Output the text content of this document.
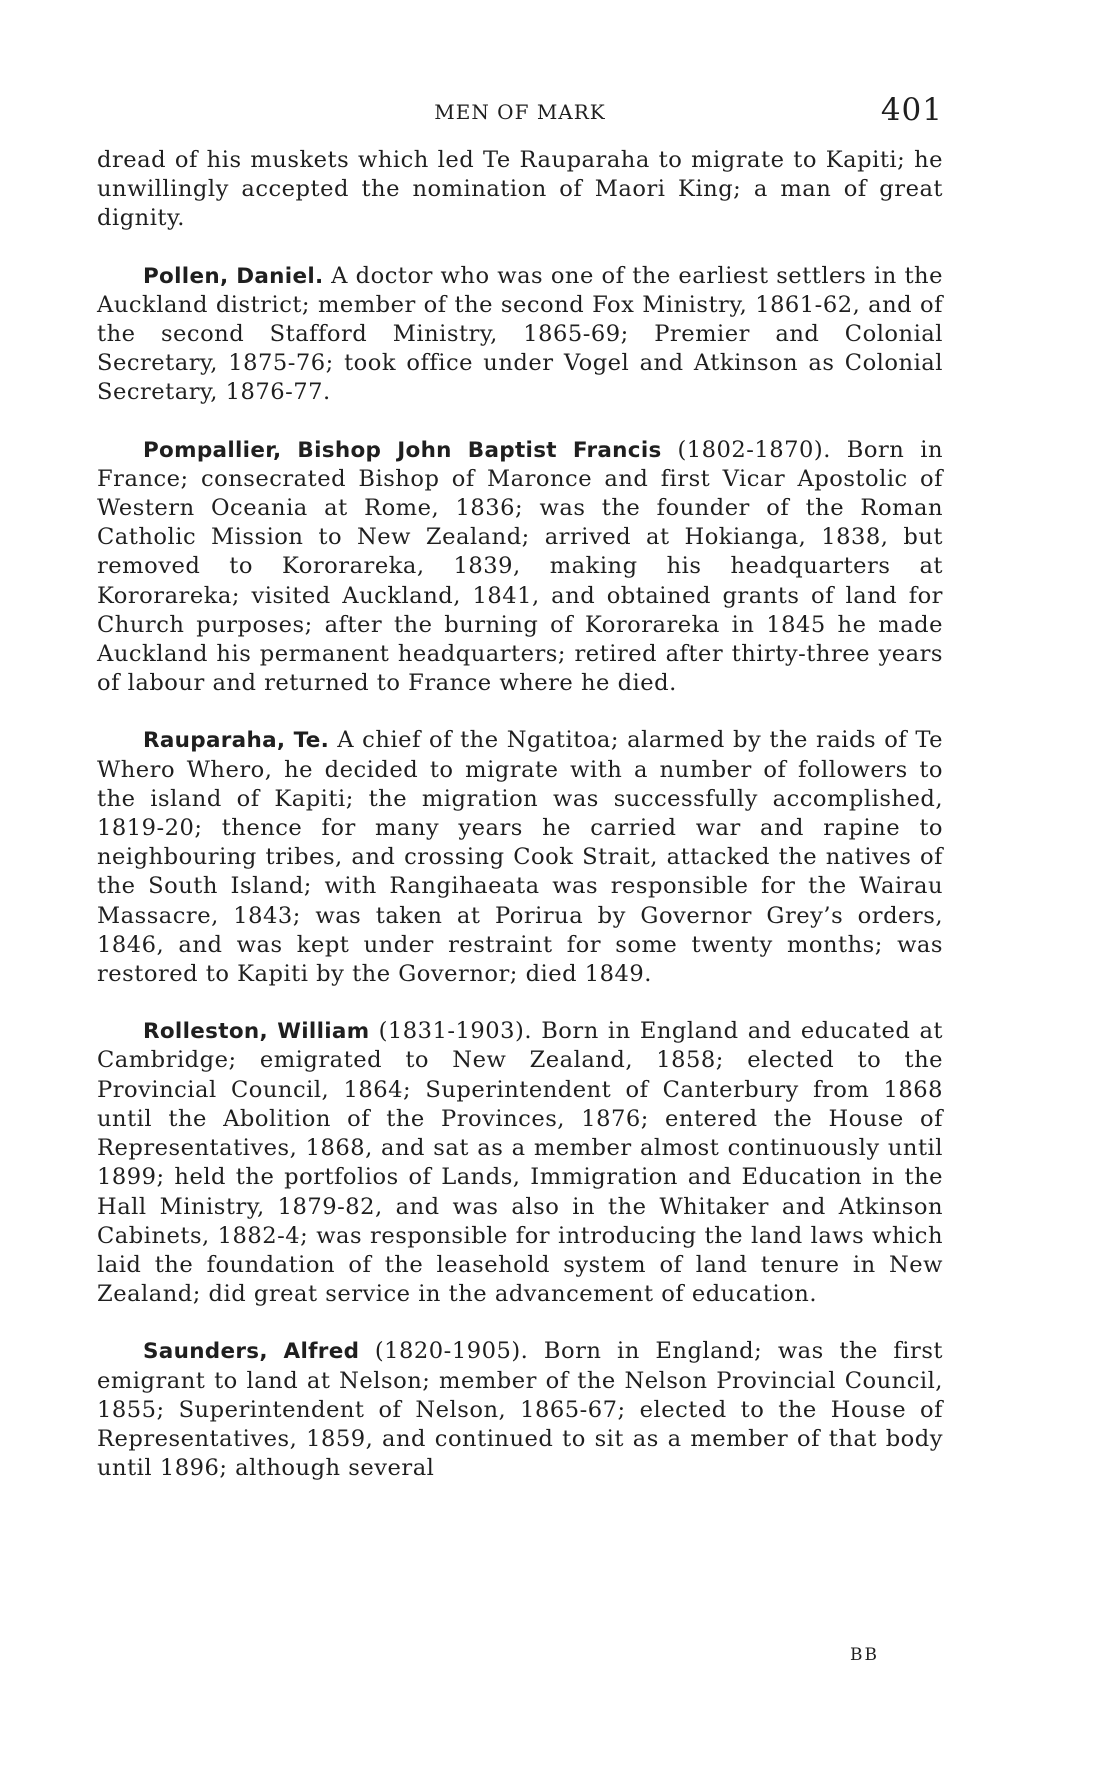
MEN OF MARK	401

dread of his muskets which led Te Rauparaha to migrate to Kapiti; he unwillingly accepted the nomination of Maori King; a man of great dignity.

Pollen, Daniel. A doctor who was one of the earliest settlers in the Auckland district; member of the second Fox Ministry, 1861-62, and of the second Stafford Ministry, 1865-69; Premier and Colonial Secretary, 1875-76; took office under Vogel and Atkinson as Colonial Secretary, 1876-77.

Pompallier, Bishop John Baptist Francis (1802-1870). Born in France; consecrated Bishop of Maronce and first Vicar Apostolic of Western Oceania at Rome, 1836; was the founder of the Roman Catholic Mission to New Zealand; arrived at Hokianga, 1838, but removed to Kororareka, 1839, making his headquarters at Kororareka; visited Auckland, 1841, and obtained grants of land for Church purposes; after the burning of Kororareka in 1845 he made Auckland his permanent headquarters; retired after thirty-three years of labour and returned to France where he died.

Rauparaha, Te. A chief of the Ngatitoa; alarmed by the raids of Te Whero Whero, he decided to migrate with a number of followers to the island of Kapiti; the migration was successfully accomplished, 1819-20; thence for many years he carried war and rapine to neighbouring tribes, and crossing Cook Strait, attacked the natives of the South Island; with Rangihaeata was responsible for the Wairau Massacre, 1843; was taken at Porirua by Governor Grey’s orders, 1846, and was kept under restraint for some twenty months; was restored to Kapiti by the Governor; died 1849.

Rolleston, William (1831-1903). Born in England and educated at Cambridge; emigrated to New Zealand, 1858; elected to the Provincial Council, 1864; Superintendent of Canterbury from 1868 until the Abolition of the Provinces, 1876; entered the House of Representatives, 1868, and sat as a member almost continuously until 1899; held the portfolios of Lands, Immigration and Education in the Hall Ministry, 1879-82, and was also in the Whitaker and Atkinson Cabinets, 1882-4; was responsible for introducing the land laws which laid the foundation of the leasehold system of land tenure in New Zealand; did great service in the advancement of education.

Saunders, Alfred (1820-1905). Born in England; was the first emigrant to land at Nelson; member of the Nelson Provincial Council, 1855; Superintendent of Nelson, 1865-67; elected to the House of Representatives, 1859, and continued to sit as a member of that body until 1896; although several

BB
